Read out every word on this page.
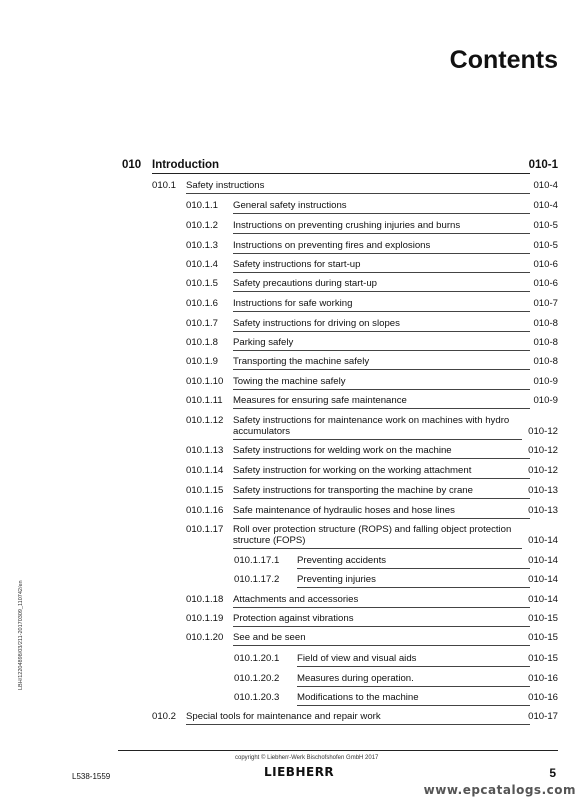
Contents
010 Introduction	010-1
010.1 Safety instructions	010-4
010.1.1 General safety instructions	010-4
010.1.2 Instructions on preventing crushing injuries and burns	010-5
010.1.3 Instructions on preventing fires and explosions	010-5
010.1.4 Safety instructions for start-up	010-6
010.1.5 Safety precautions during start-up	010-6
010.1.6 Instructions for safe working	010-7
010.1.7 Safety instructions for driving on slopes	010-8
010.1.8 Parking safely	010-8
010.1.9 Transporting the machine safely	010-8
010.1.10 Towing the machine safely	010-9
010.1.11 Measures for ensuring safe maintenance	010-9
010.1.12 Safety instructions for maintenance work on machines with hydro accumulators	010-12
010.1.13 Safety instructions for welding work on the machine	010-12
010.1.14 Safety instruction for working on the working attachment	010-12
010.1.15 Safety instructions for transporting the machine by crane	010-13
010.1.16 Safe maintenance of hydraulic hoses and hose lines	010-13
010.1.17 Roll over protection structure (ROPS) and falling object protection structure (FOPS)	010-14
010.1.17.1 Preventing accidents	010-14
010.1.17.2 Preventing injuries	010-14
010.1.18 Attachments and accessories	010-14
010.1.19 Protection against vibrations	010-15
010.1.20 See and be seen	010-15
010.1.20.1 Field of view and visual aids	010-15
010.1.20.2 Measures during operation.	010-16
010.1.20.3 Modifications to the machine	010-16
010.2 Special tools for maintenance and repair work	010-17
LBH/12204898/03/211-20170309_110742/en
copyright © Liebherr-Werk Bischofshofen GmbH 2017
LIEBHERR
L538-1559	5
www.epcatalogs.com
